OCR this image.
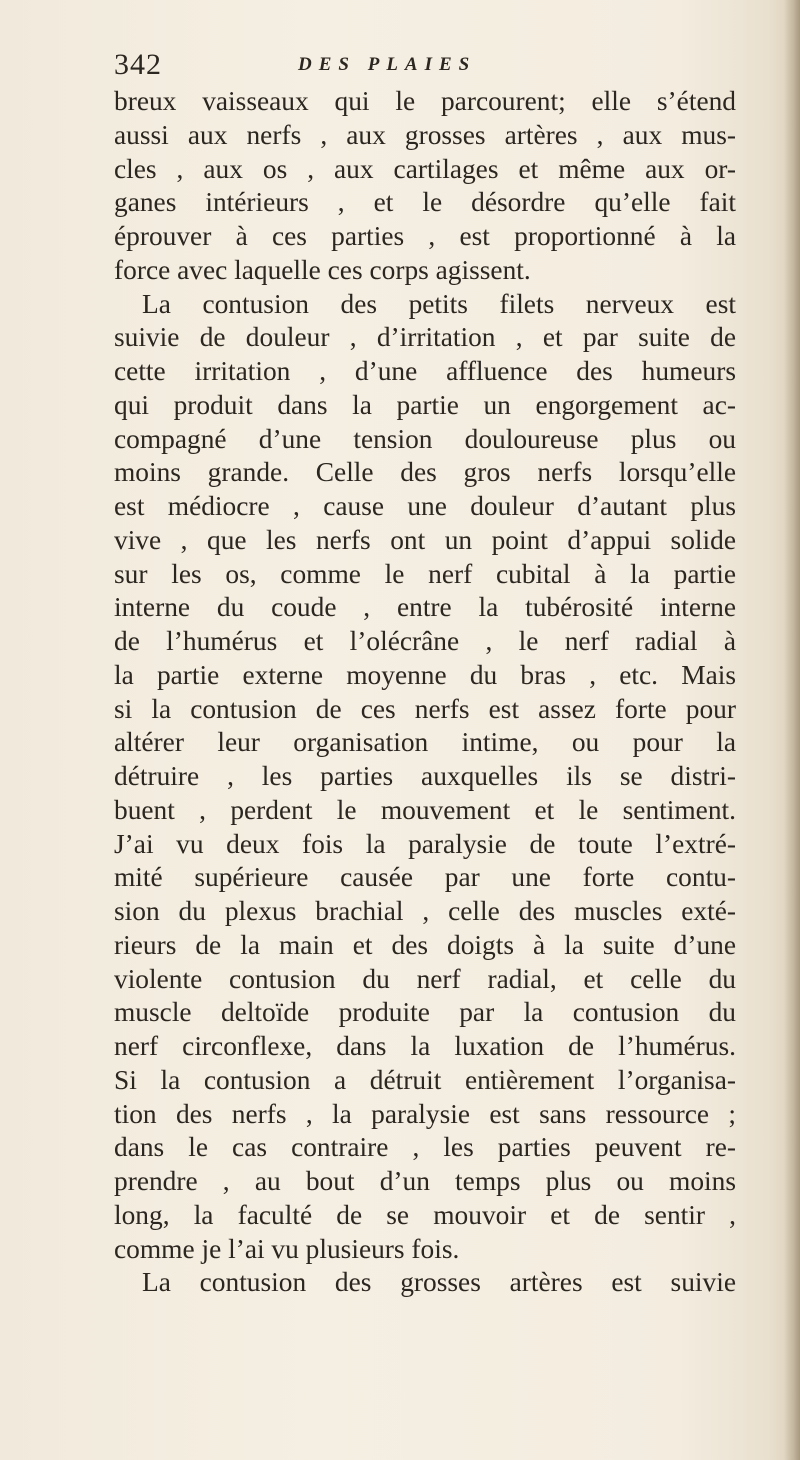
342	DES PLAIES
breux vaisseaux qui le parcourent; elle s’étend
aussi aux nerfs , aux grosses artères , aux mus-
cles , aux os , aux cartilages et même aux or-
ganes intérieurs , et le désordre qu’elle fait
éprouver à ces parties , est proportionné à la
force avec laquelle ces corps agissent.
La contusion des petits filets nerveux est
suivie de douleur , d’irritation , et par suite de
cette irritation , d’une affluence des humeurs
qui produit dans la partie un engorgement ac-
compagné d’une tension douloureuse plus ou
moins grande. Celle des gros nerfs lorsqu’elle
est médiocre , cause une douleur d’autant plus
vive , que les nerfs ont un point d’appui solide
sur les os, comme le nerf cubital à la partie
interne du coude , entre la tubérosité interne
de l’humérus et l’olécrâne , le nerf radial à
la partie externe moyenne du bras , etc. Mais
si la contusion de ces nerfs est assez forte pour
altérer leur organisation intime, ou pour la
détruire , les parties auxquelles ils se distri-
buent , perdent le mouvement et le sentiment.
J’ai vu deux fois la paralysie de toute l’extré-
mité supérieure causée par une forte contu-
sion du plexus brachial , celle des muscles exté-
rieurs de la main et des doigts à la suite d’une
violente contusion du nerf radial, et celle du
muscle deltoïde produite par la contusion du
nerf circonflexe, dans la luxation de l’humérus.
Si la contusion a détruit entièrement l’organisa-
tion des nerfs , la paralysie est sans ressource ;
dans le cas contraire , les parties peuvent re-
prendre , au bout d’un temps plus ou moins
long, la faculté de se mouvoir et de sentir ,
comme je l’ai vu plusieurs fois.
La contusion des grosses artères est suivie
